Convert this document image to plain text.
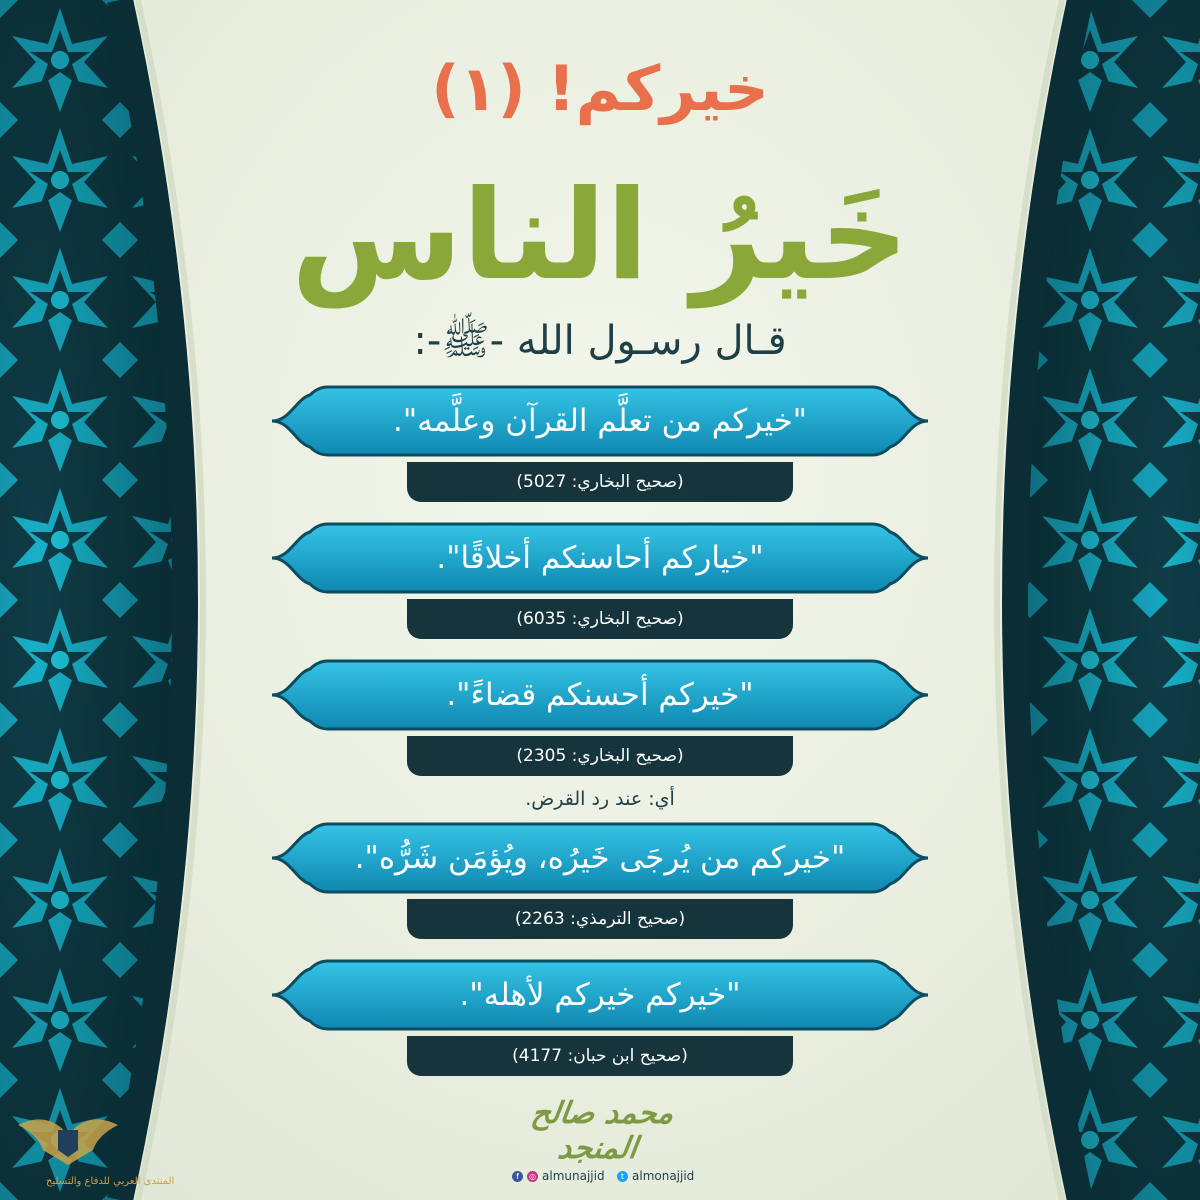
خيركم! (١)
خَيرُ الناس
قـال رسـول الله -ﷺ-:
"خيركم من تعلَّم القرآن وعلَّمه".
(صحيح البخاري: 5027)
"خياركم أحاسنكم أخلاقًا".
(صحيح البخاري: 6035)
"خيركم أحسنكم قضاءً".
(صحيح البخاري: 2305)
أي: عند رد القرض.
"خيركم من يُرجَى خَيرُه، ويُؤمَن شَرُّه".
(صحيح الترمذي: 2263)
"خيركم خيركم لأهله".
(صحيح ابن حبان: 4177)
محمد صالح المنجد
f	◎ almunajjid	t almonajjid
المنتدى العربي للدفاع والتسليح
